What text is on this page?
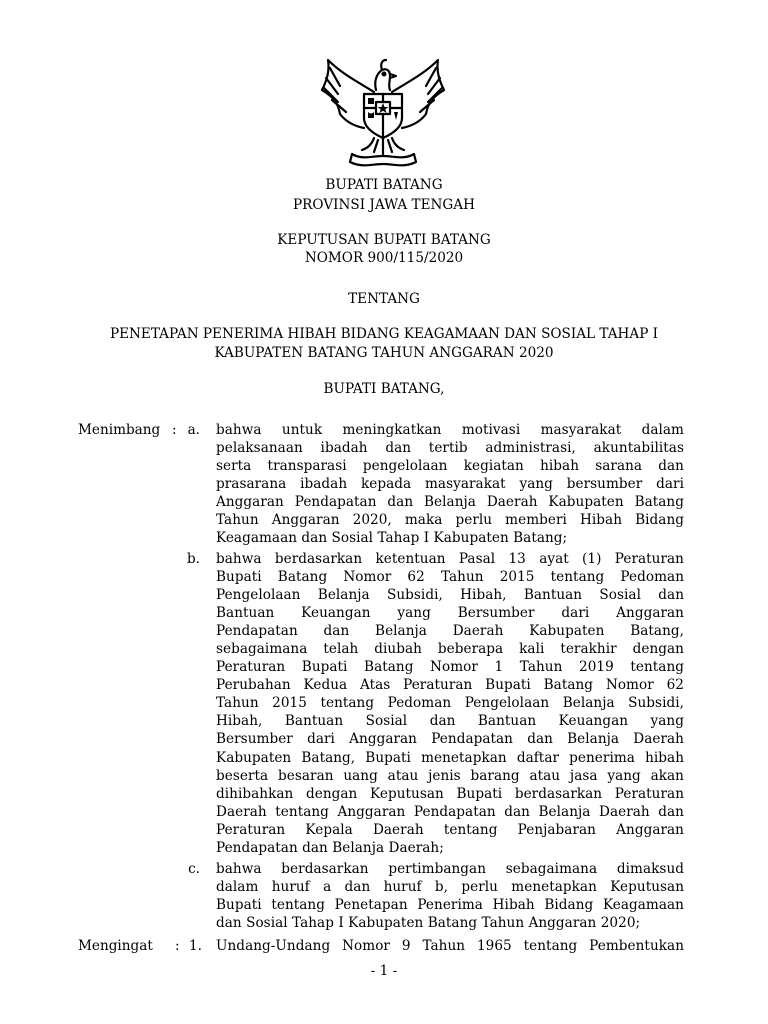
BUPATI BATANG
PROVINSI JAWA TENGAH
KEPUTUSAN BUPATI BATANG
NOMOR 900/115/2020
TENTANG
PENETAPAN PENERIMA HIBAH BIDANG KEAGAMAAN DAN SOSIAL TAHAP I
KABUPATEN BATANG TAHUN ANGGARAN 2020
BUPATI BATANG,
Menimbang : a. bahwa untuk meningkatkan motivasi masyarakat dalam
pelaksanaan ibadah dan tertib administrasi, akuntabilitas
serta transparasi pengelolaan kegiatan hibah sarana dan
prasarana ibadah kepada masyarakat yang bersumber dari
Anggaran Pendapatan dan Belanja Daerah Kabupaten Batang
Tahun Anggaran 2020, maka perlu memberi Hibah Bidang
Keagamaan dan Sosial Tahap I Kabupaten Batang;
b. bahwa berdasarkan ketentuan Pasal 13 ayat (1) Peraturan
Bupati Batang Nomor 62 Tahun 2015 tentang Pedoman
Pengelolaan Belanja Subsidi, Hibah, Bantuan Sosial dan
Bantuan Keuangan yang Bersumber dari Anggaran
Pendapatan dan Belanja Daerah Kabupaten Batang,
sebagaimana telah diubah beberapa kali terakhir dengan
Peraturan Bupati Batang Nomor 1 Tahun 2019 tentang
Perubahan Kedua Atas Peraturan Bupati Batang Nomor 62
Tahun 2015 tentang Pedoman Pengelolaan Belanja Subsidi,
Hibah, Bantuan Sosial dan Bantuan Keuangan yang
Bersumber dari Anggaran Pendapatan dan Belanja Daerah
Kabupaten Batang, Bupati menetapkan daftar penerima hibah
beserta besaran uang atau jenis barang atau jasa yang akan
dihibahkan dengan Keputusan Bupati berdasarkan Peraturan
Daerah tentang Anggaran Pendapatan dan Belanja Daerah dan
Peraturan Kepala Daerah tentang Penjabaran Anggaran
Pendapatan dan Belanja Daerah;
c. bahwa berdasarkan pertimbangan sebagaimana dimaksud
dalam huruf a dan huruf b, perlu menetapkan Keputusan
Bupati tentang Penetapan Penerima Hibah Bidang Keagamaan
dan Sosial Tahap I Kabupaten Batang Tahun Anggaran 2020;
Mengingat : 1. Undang-Undang Nomor 9 Tahun 1965 tentang Pembentukan
- 1 -
